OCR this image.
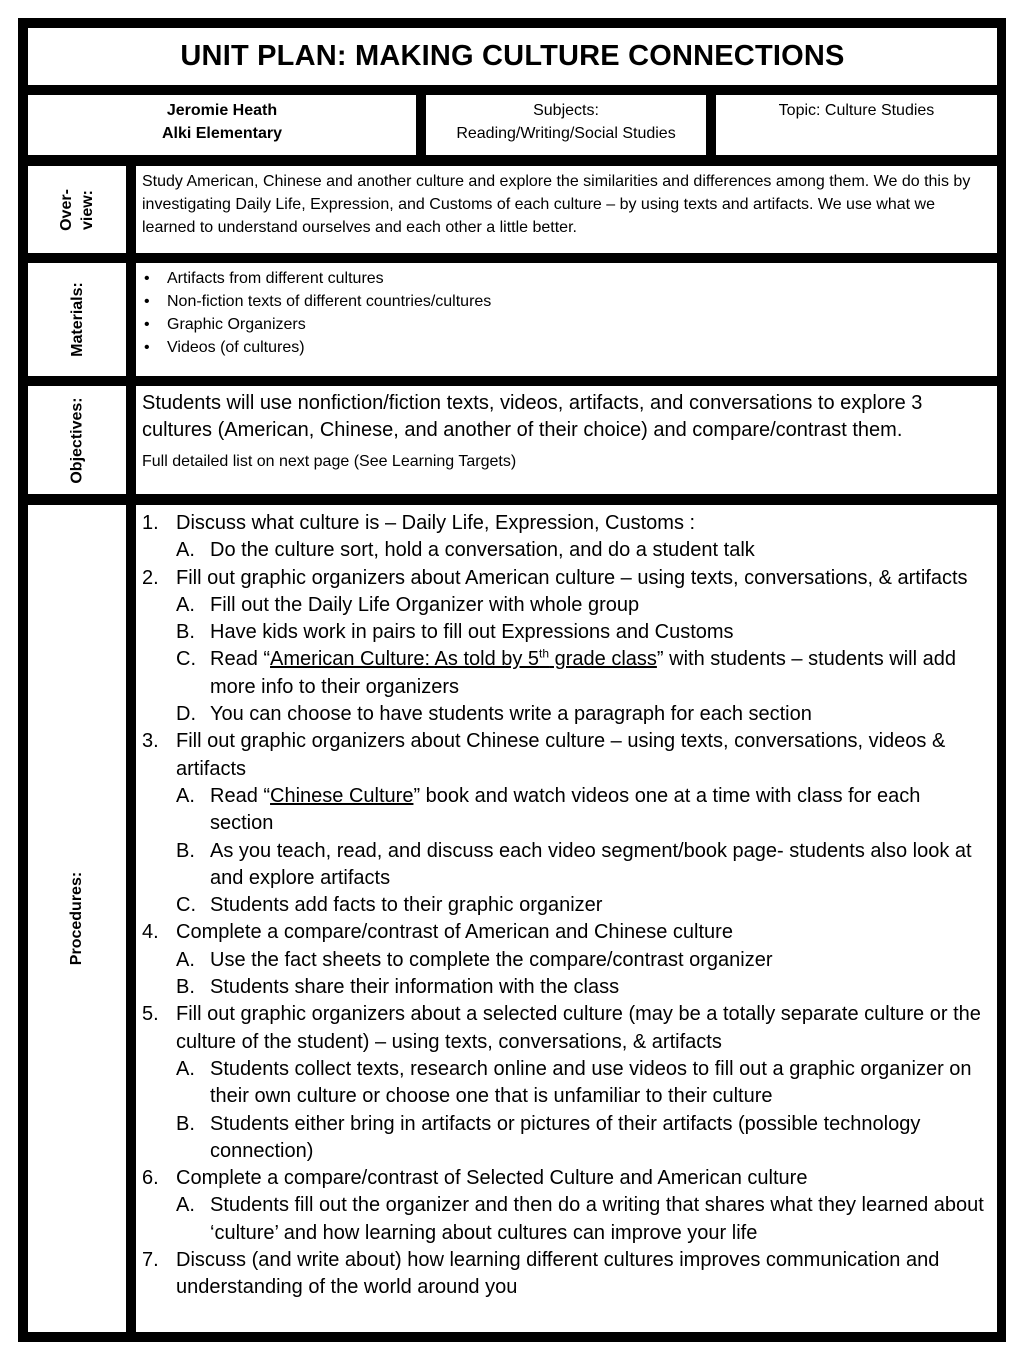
UNIT PLAN: MAKING CULTURE CONNECTIONS
Jeromie Heath
Alki Elementary
Subjects:
Reading/Writing/Social Studies
Topic: Culture Studies
Over- view:
Study American, Chinese and another culture and explore the similarities and differences among them. We do this by investigating Daily Life, Expression, and Customs of each culture – by using texts and artifacts. We use what we learned to understand ourselves and each other a little better.
Materials:
• Artifacts from different cultures
• Non-fiction texts of different countries/cultures
• Graphic Organizers
• Videos (of cultures)
Objectives:	Students will use nonfiction/fiction texts, videos, artifacts, and conversations to explore 3 cultures (American, Chinese, and another of their choice) and compare/contrast them.
Full detailed list on next page (See Learning Targets)
Procedures:
1. Discuss what culture is – Daily Life, Expression, Customs :
A. Do the culture sort, hold a conversation, and do a student talk
2. Fill out graphic organizers about American culture – using texts, conversations, & artifacts
A. Fill out the Daily Life Organizer with whole group
B. Have kids work in pairs to fill out Expressions and Customs
C. Read “American Culture: As told by 5th grade class” with students – students will add more info to their organizers
D. You can choose to have students write a paragraph for each section
3. Fill out graphic organizers about Chinese culture – using texts, conversations, videos & artifacts
A. Read “Chinese Culture” book and watch videos one at a time with class for each section
B. As you teach, read, and discuss each video segment/book page- students also look at and explore artifacts
C. Students add facts to their graphic organizer
4. Complete a compare/contrast of American and Chinese culture
A. Use the fact sheets to complete the compare/contrast organizer
B. Students share their information with the class
5. Fill out graphic organizers about a selected culture (may be a totally separate culture or the culture of the student) – using texts, conversations, & artifacts
A. Students collect texts, research online and use videos to fill out a graphic organizer on their own culture or choose one that is unfamiliar to their culture
B. Students either bring in artifacts or pictures of their artifacts (possible technology connection)
6. Complete a compare/contrast of Selected Culture and American culture
A. Students fill out the organizer and then do a writing that shares what they learned about ‘culture’ and how learning about cultures can improve your life
7. Discuss (and write about) how learning different cultures improves communication and understanding of the world around you
